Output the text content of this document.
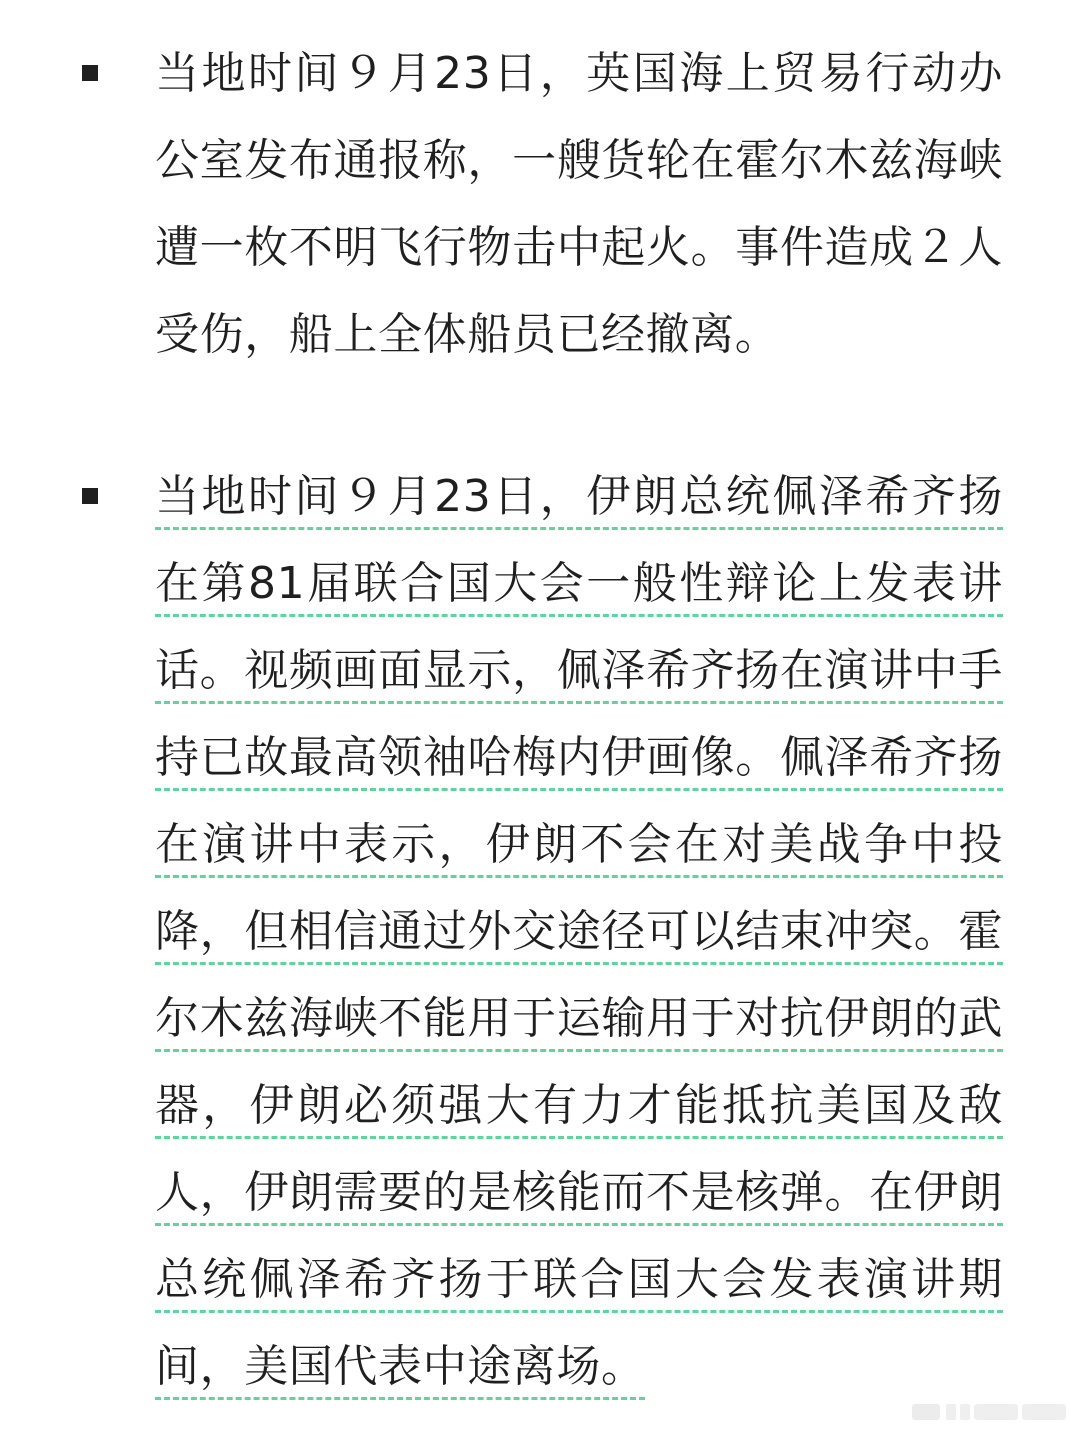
当地时间９月23日，英国海上贸易行动办公室发布通报称，一艘货轮在霍尔木兹海峡遭一枚不明飞行物击中起火。事件造成２人受伤，船上全体船员已经撤离。

当地时间９月23日，伊朗总统佩泽希齐扬在第81届联合国大会一般性辩论上发表讲话。视频画面显示，佩泽希齐扬在演讲中手持已故最高领袖哈梅内伊画像。佩泽希齐扬在演讲中表示，伊朗不会在对美战争中投降，但相信通过外交途径可以结束冲突。霍尔木兹海峡不能用于运输用于对抗伊朗的武器，伊朗必须强大有力才能抵抗美国及敌人，伊朗需要的是核能而不是核弹。在伊朗总统佩泽希齐扬于联合国大会发表演讲期间，美国代表中途离场。
